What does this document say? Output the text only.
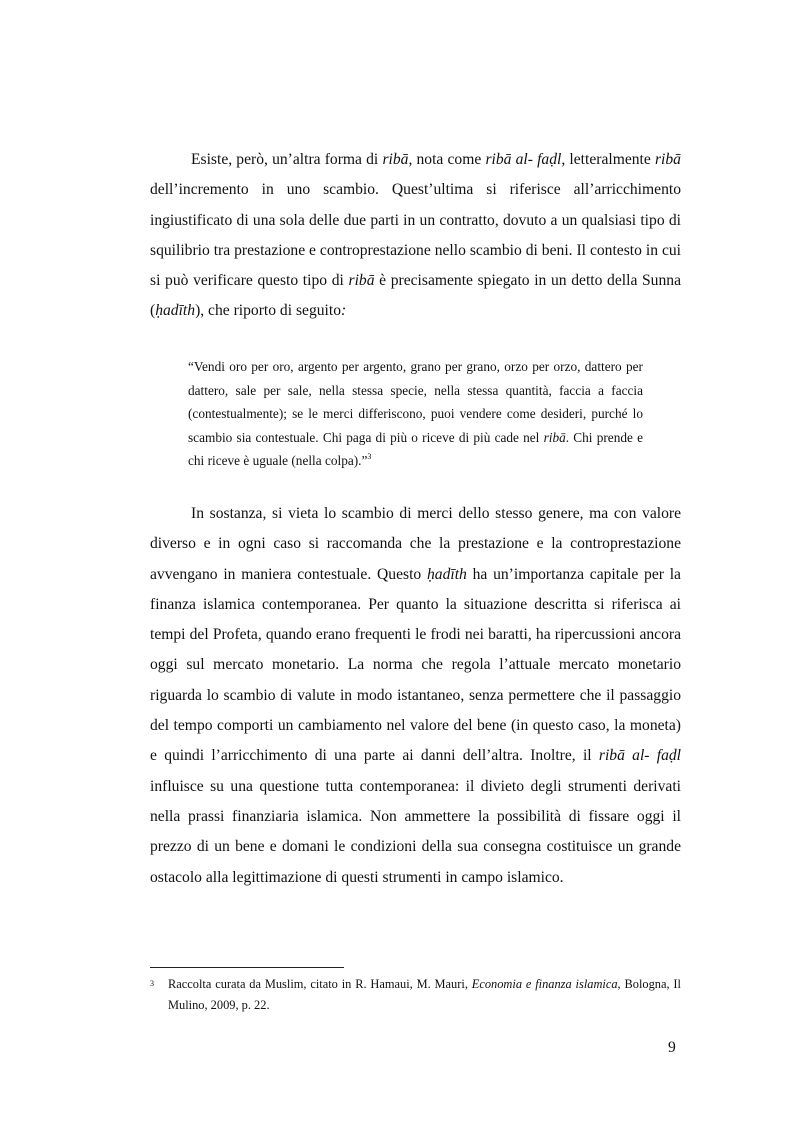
Esiste, però, un’altra forma di ribā, nota come ribā al- faḍl, letteralmente ribā dell’incremento in uno scambio. Quest’ultima si riferisce all’arricchimento ingiustificato di una sola delle due parti in un contratto, dovuto a un qualsiasi tipo di squilibrio tra prestazione e controprestazione nello scambio di beni. Il contesto in cui si può verificare questo tipo di ribā è precisamente spiegato in un detto della Sunna (ḥadīth), che riporto di seguito:

“Vendi oro per oro, argento per argento, grano per grano, orzo per orzo, dattero per dattero, sale per sale, nella stessa specie, nella stessa quantità, faccia a faccia (contestualmente); se le merci differiscono, puoi vendere come desideri, purché lo scambio sia contestuale. Chi paga di più o riceve di più cade nel ribā. Chi prende e chi riceve è uguale (nella colpa).”$^3$

In sostanza, si vieta lo scambio di merci dello stesso genere, ma con valore diverso e in ogni caso si raccomanda che la prestazione e la controprestazione avvengano in maniera contestuale. Questo ḥadīth ha un’importanza capitale per la finanza islamica contemporanea. Per quanto la situazione descritta si riferisca ai tempi del Profeta, quando erano frequenti le frodi nei baratti, ha ripercussioni ancora oggi sul mercato monetario. La norma che regola l’attuale mercato monetario riguarda lo scambio di valute in modo istantaneo, senza permettere che il passaggio del tempo comporti un cambiamento nel valore del bene (in questo caso, la moneta) e quindi l’arricchimento di una parte ai danni dell’altra. Inoltre, il ribā al- faḍl influisce su una questione tutta contemporanea: il divieto degli strumenti derivati nella prassi finanziaria islamica. Non ammettere la possibilità di fissare oggi il prezzo di un bene e domani le condizioni della sua consegna costituisce un grande ostacolo alla legittimazione di questi strumenti in campo islamico.

3 Raccolta curata da Muslim, citato in R. Hamaui, M. Mauri, Economia e finanza islamica, Bologna, Il Mulino, 2009, p. 22.

9
